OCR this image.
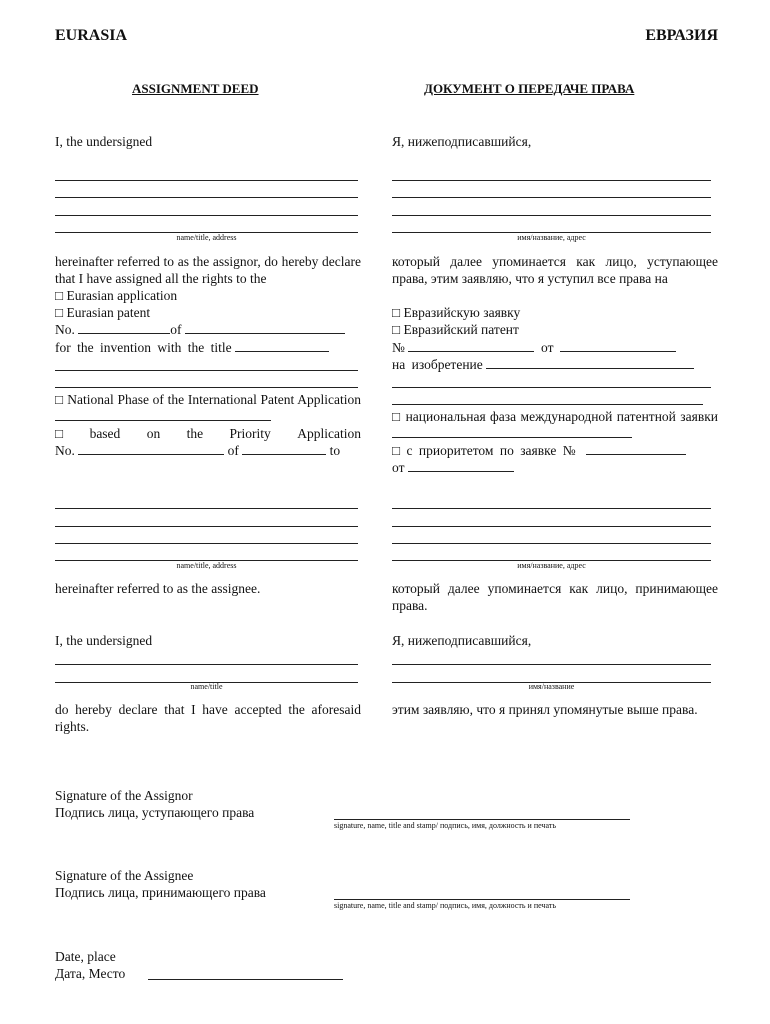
EURASIA	ЕВРАЗИЯ
ASSIGNMENT DEED	ДОКУМЕНТ О ПЕРЕДАЧЕ ПРАВА
I, the undersigned	Я, нижеподписавшийся,
name/title, address	имя/название, адрес
hereinafter referred to as the assignor, do hereby declare that I have assigned all the rights to the
□ Eurasian application
□ Eurasian patent
No.	of
for the invention with the title
□ National Phase of the International Patent Application
□ based on the Priority Application
No.	of	to
который далее упоминается как лицо, уступающее права, этим заявляю, что я уступил все права на
□ Евразийскую заявку
□ Евразийский патент
№	от
на изобретение
□ национальная фаза международной патентной заявки
□ с приоритетом по заявке №
от
name/title, address	имя/название, адрес
hereinafter referred to as the assignee.	который далее упоминается как лицо, принимающее права.
I, the undersigned	Я, нижеподписавшийся,
name/title	имя/название
do hereby declare that I have accepted the aforesaid rights.
этим заявляю, что я принял упомянутые выше права.
Signature of the Assignor
Подпись лица, уступающего права
signature, name, title and stamp/ подпись, имя, должность и печать
Signature of the Assignee
Подпись лица, принимающего права
signature, name, title and stamp/ подпись, имя, должность и печать
Date, place
Дата, Место
